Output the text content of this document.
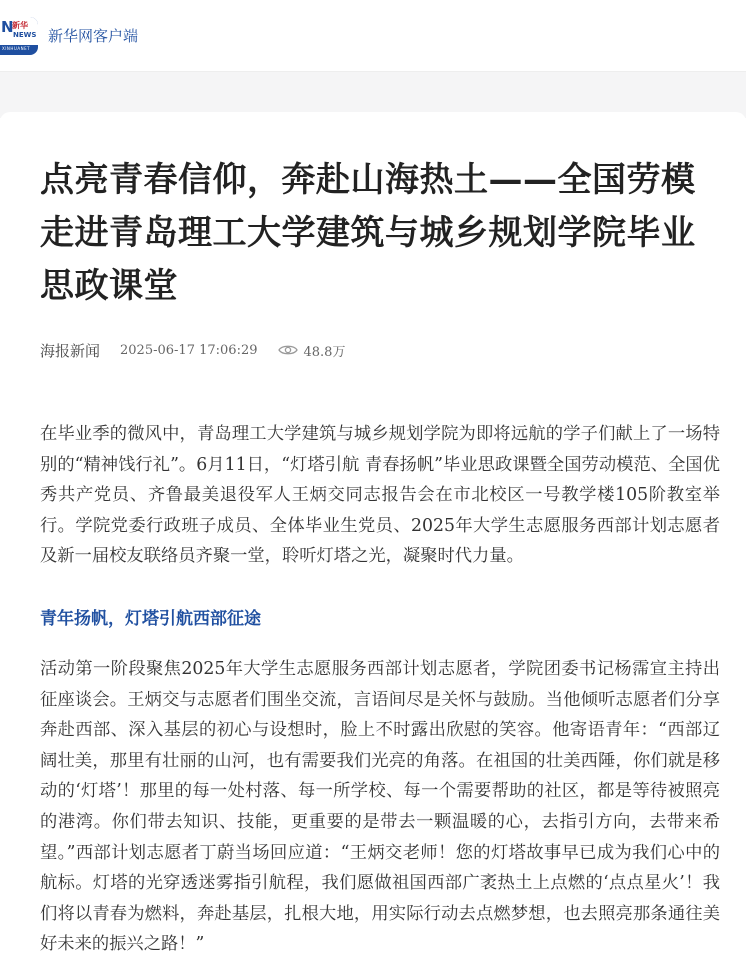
N
新华
NEWS
XINHUANET
新华网客户端
点亮青春信仰，奔赴山海热土——全国劳模走进青岛理工大学建筑与城乡规划学院毕业思政课堂
海报新闻 2025-06-17 17:06:29	48.8万

在毕业季的微风中，青岛理工大学建筑与城乡规划学院为即将远航的学子们献上了一场特别的“精神饯行礼”。6月11日，“灯塔引航 青春扬帆”毕业思政课暨全国劳动模范、全国优秀共产党员、齐鲁最美退役军人王炳交同志报告会在市北校区一号教学楼105阶教室举行。学院党委行政班子成员、全体毕业生党员、2025年大学生志愿服务西部计划志愿者及新一届校友联络员齐聚一堂，聆听灯塔之光，凝聚时代力量。

青年扬帆，灯塔引航西部征途

活动第一阶段聚焦2025年大学生志愿服务西部计划志愿者，学院团委书记杨霈宣主持出征座谈会。王炳交与志愿者们围坐交流，言语间尽是关怀与鼓励。当他倾听志愿者们分享奔赴西部、深入基层的初心与设想时，脸上不时露出欣慰的笑容。他寄语青年：“西部辽阔壮美，那里有壮丽的山河，也有需要我们光亮的角落。在祖国的壮美西陲，你们就是移动的‘灯塔’！那里的每一处村落、每一所学校、每一个需要帮助的社区，都是等待被照亮的港湾。你们带去知识、技能，更重要的是带去一颗温暖的心，去指引方向，去带来希望。”西部计划志愿者丁蔚当场回应道：“王炳交老师！您的灯塔故事早已成为我们心中的航标。灯塔的光穿透迷雾指引航程，我们愿做祖国西部广袤热土上点燃的‘点点星火’！我们将以青春为燃料，奔赴基层，扎根大地，用实际行动去点燃梦想，也去照亮那条通往美好未来的振兴之路！”
